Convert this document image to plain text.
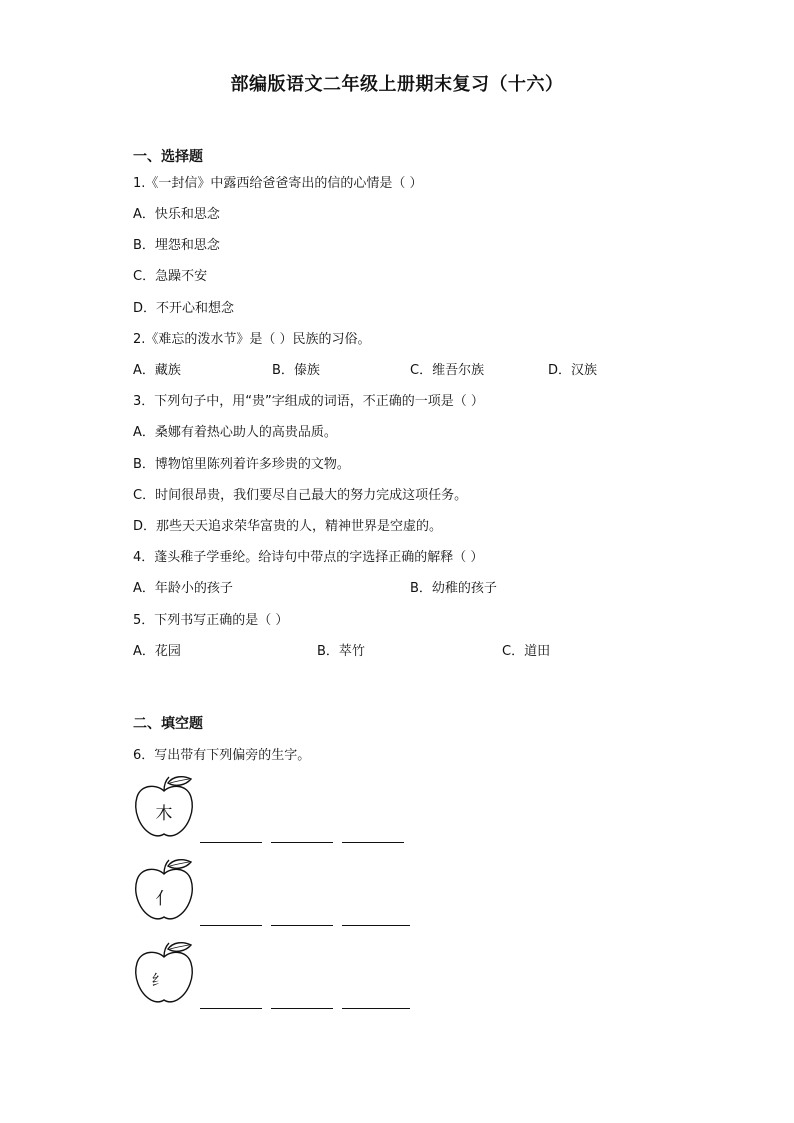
部编版语文二年级上册期末复习（十六）
一、选择题
1.《一封信》中露西给爸爸寄出的信的心情是（ ）
A．快乐和思念
B．埋怨和思念
C．急躁不安
D．不开心和想念
2.《难忘的泼水节》是（ ）民族的习俗。
A．藏族	B．傣族	C．维吾尔族	D．汉族
3．下列句子中，用“贵”字组成的词语，不正确的一项是（ ）
A．桑娜有着热心助人的高贵品质。
B．博物馆里陈列着许多珍贵的文物。
C．时间很昂贵，我们要尽自己最大的努力完成这项任务。
D．那些天天追求荣华富贵的人，精神世界是空虚的。
4．蓬头稚子学垂纶。给诗句中带点的字选择正确的解释（ ）
A．年龄小的孩子	B．幼稚的孩子
5．下列书写正确的是（ ）
A．花园	B．萃竹	C．道田
二、填空题
6．写出带有下列偏旁的生字。
木
亻
纟
